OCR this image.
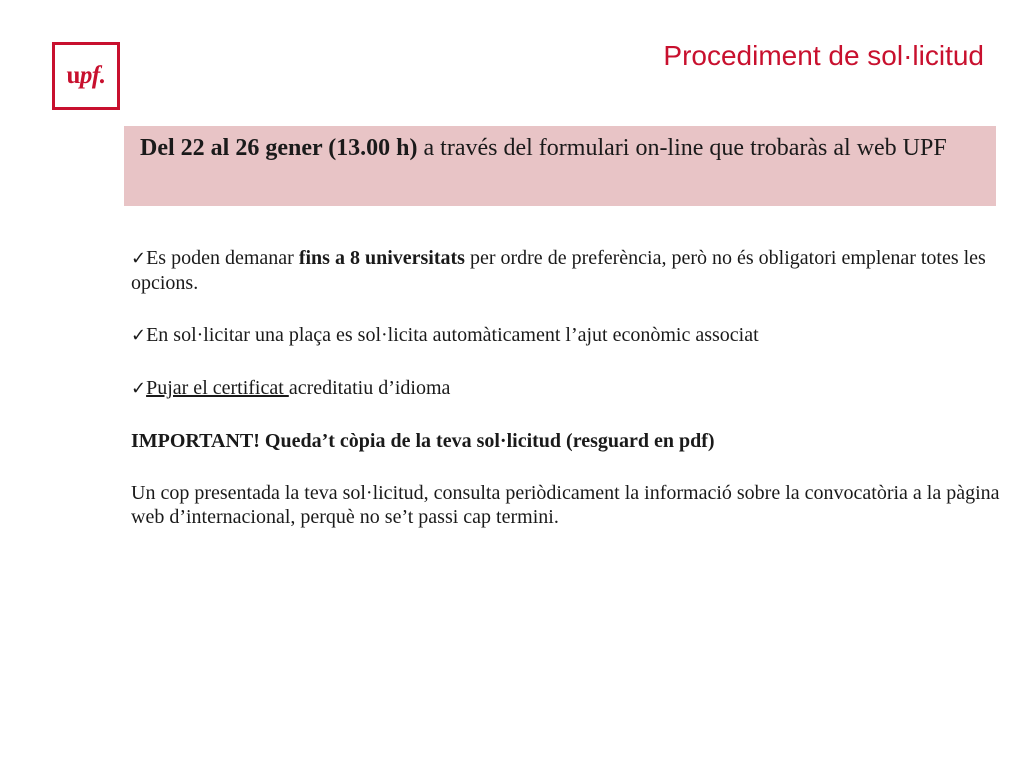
upf.
Procediment de sol·licitud
Del 22 al 26 gener (13.00 h) a través del formulari on-line que trobaràs al web UPF

✓Es poden demanar fins a 8 universitats per ordre de preferència, però no és obligatori emplenar totes les opcions.

✓En sol·licitar una plaça es sol·licita automàticament l’ajut econòmic associat

✓Pujar el certificat acreditatiu d’idioma

IMPORTANT! Queda’t còpia de la teva sol·licitud (resguard en pdf)

Un cop presentada la teva sol·licitud, consulta periòdicament la informació sobre la convocatòria a la pàgina web d’internacional, perquè no se’t passi cap termini.
